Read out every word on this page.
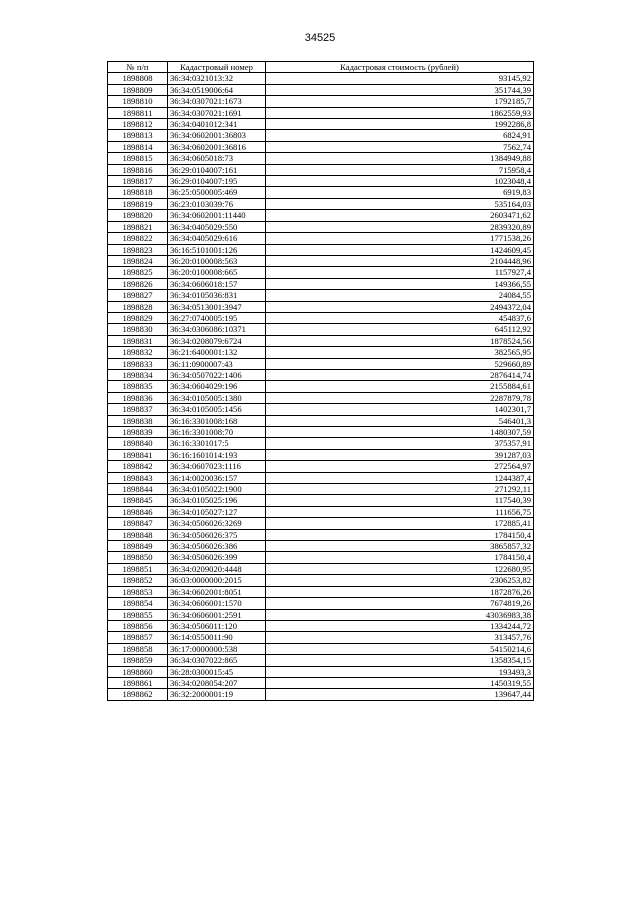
34525
№ п/п	Кадастровый номер	Кадастровая стоимость (рублей)
1898808	36:34:0321013:32	93145,92
1898809	36:34:0519006:64	351744,39
1898810	36:34:0307021:1673	1792185,7
1898811	36:34:0307021:1691	1862559,93
1898812	36:34:0401012:341	1992286,8
1898813	36:34:0602001:36803	6824,91
1898814	36:34:0602001:36816	7562,74
1898815	36:34:0605018:73	1384949,88
1898816	36:29:0104007:161	715958,4
1898817	36:29:0104007:195	1023048,4
1898818	36:25:0500005:469	6919,83
1898819	36:23:0103039:76	535164,03
1898820	36:34:0602001:11440	2603471,62
1898821	36:34:0405029:550	2839320,89
1898822	36:34:0405029:616	1771538,26
1898823	36:16:5101001:126	1424609,45
1898824	36:20:0100008:563	2104448,96
1898825	36:20:0100008:665	1157927,4
1898826	36:34:0606018:157	149366,55
1898827	36:34:0105036:831	24084,55
1898828	36:34:0513001:3947	2494372,04
1898829	36:27:0740005:195	454837,6
1898830	36:34:0306086:10371	645112,92
1898831	36:34:0208079:6724	1878524,56
1898832	36:21:6400001:132	382565,95
1898833	36:11:0900007:43	529660,89
1898834	36:34:0507022:1406	2876414,74
1898835	36:34:0604029:196	2155884,61
1898836	36:34:0105005:1380	2287879,78
1898837	36:34:0105005:1456	1402301,7
1898838	36:16:3301008:168	546401,3
1898839	36:16:3301008:70	1480307,59
1898840	36:16:3301017:5	375357,91
1898841	36:16:1601014:193	391287,03
1898842	36:34:0607023:1116	272564,97
1898843	36:14:0020036:157	1244387,4
1898844	36:34:0105022:1900	271292,11
1898845	36:34:0105025:196	117540,39
1898846	36:34:0105027:127	111656,75
1898847	36:34:0506026:3269	172885,41
1898848	36:34:0506026:375	1784150,4
1898849	36:34:0506026:386	3865857,32
1898850	36:34:0506026:399	1784150,4
1898851	36:34:0209020:4448	122680,95
1898852	36:03:0000000:2015	2306253,82
1898853	36:34:0602001:8051	1872876,26
1898854	36:34:0606001:1570	7674819,26
1898855	36:34:0606001:2591	43036983,38
1898856	36:34:0506011:120	1334244,72
1898857	36:14:0550011:90	313457,76
1898858	36:17:0000000:538	54150214,6
1898859	36:34:0307022:865	1358354,15
1898860	36:28:0300015:45	193493,3
1898861	36:34:0208054:207	1450319,55
1898862	36:32:2000001:19	139647,44
